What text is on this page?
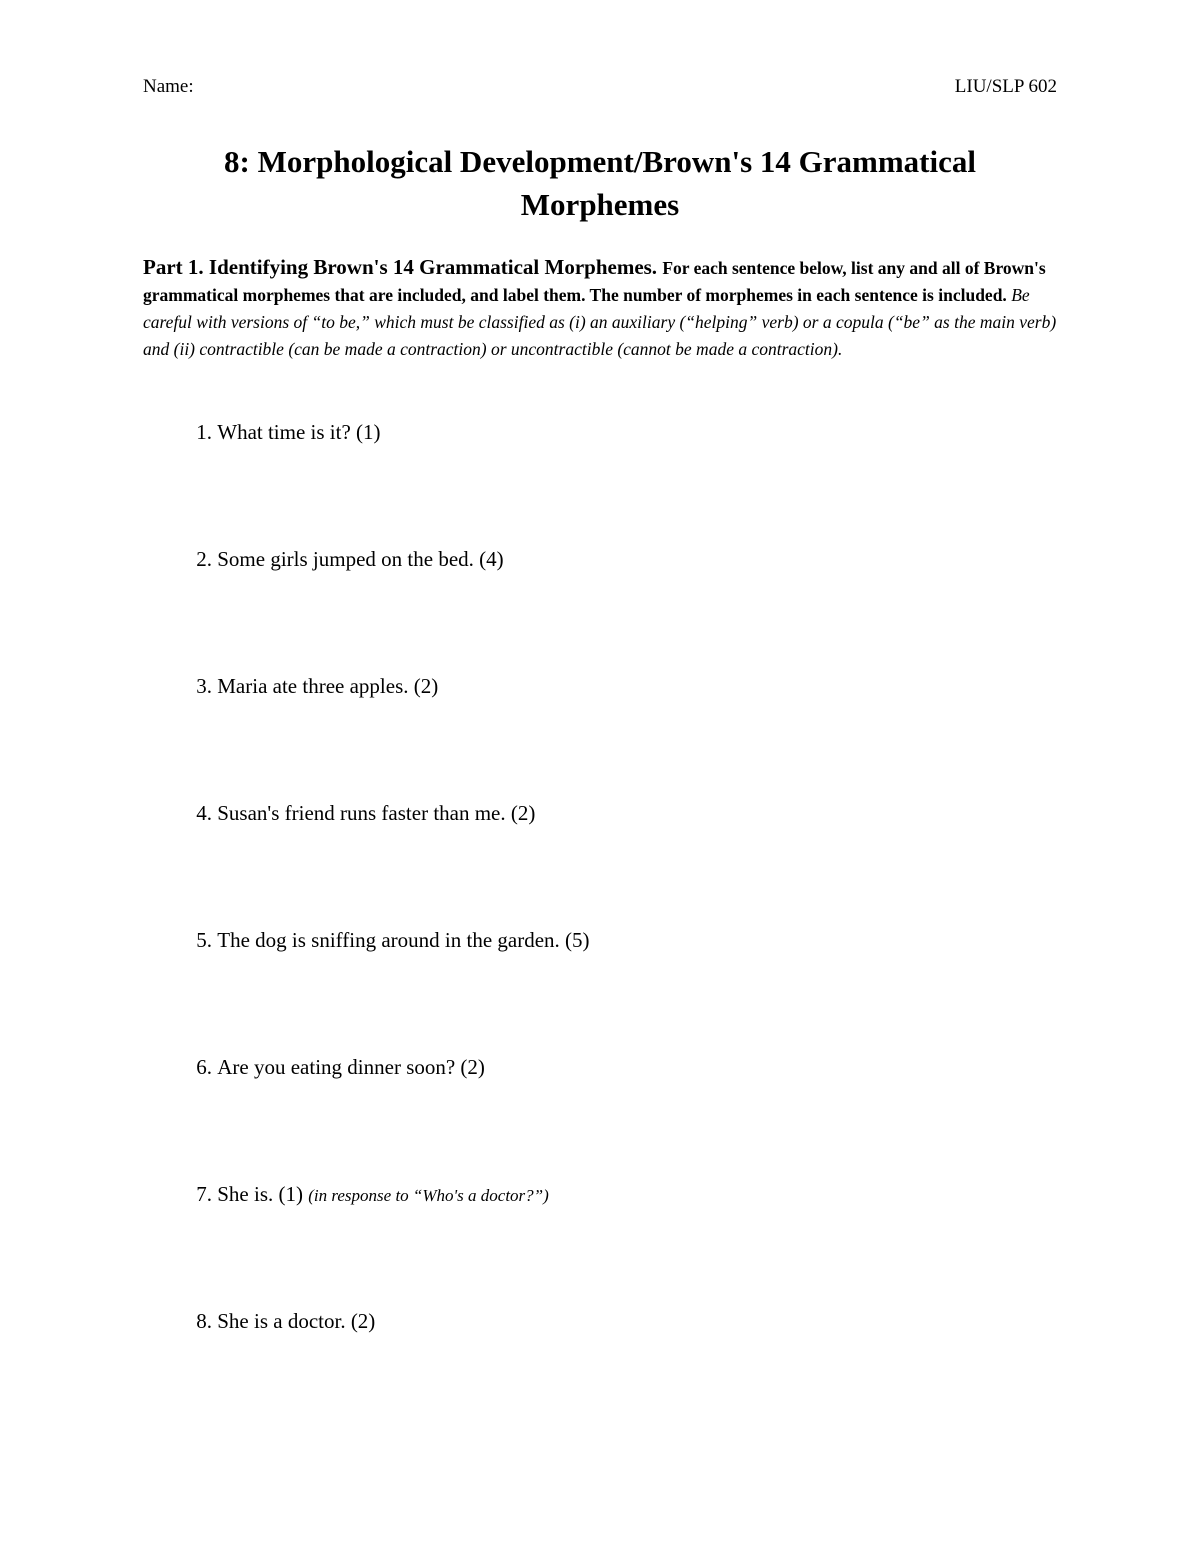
Name:	LIU/SLP 602
8: Morphological Development/Brown's 14 Grammatical
Morphemes
Part 1. Identifying Brown's 14 Grammatical Morphemes. For each sentence below, list any and all of Brown's grammatical morphemes that are included, and label them. The number of morphemes in each sentence is included. Be careful with versions of “to be,” which must be classified as (i) an auxiliary (“helping” verb) or a copula (“be” as the main verb) and (ii) contractible (can be made a contraction) or uncontractible (cannot be made a contraction).
1. What time is it? (1)
2. Some girls jumped on the bed. (4)
3. Maria ate three apples. (2)
4. Susan's friend runs faster than me. (2)
5. The dog is sniffing around in the garden. (5)
6. Are you eating dinner soon? (2)
7. She is. (1) (in response to “Who's a doctor?”)
8. She is a doctor. (2)
